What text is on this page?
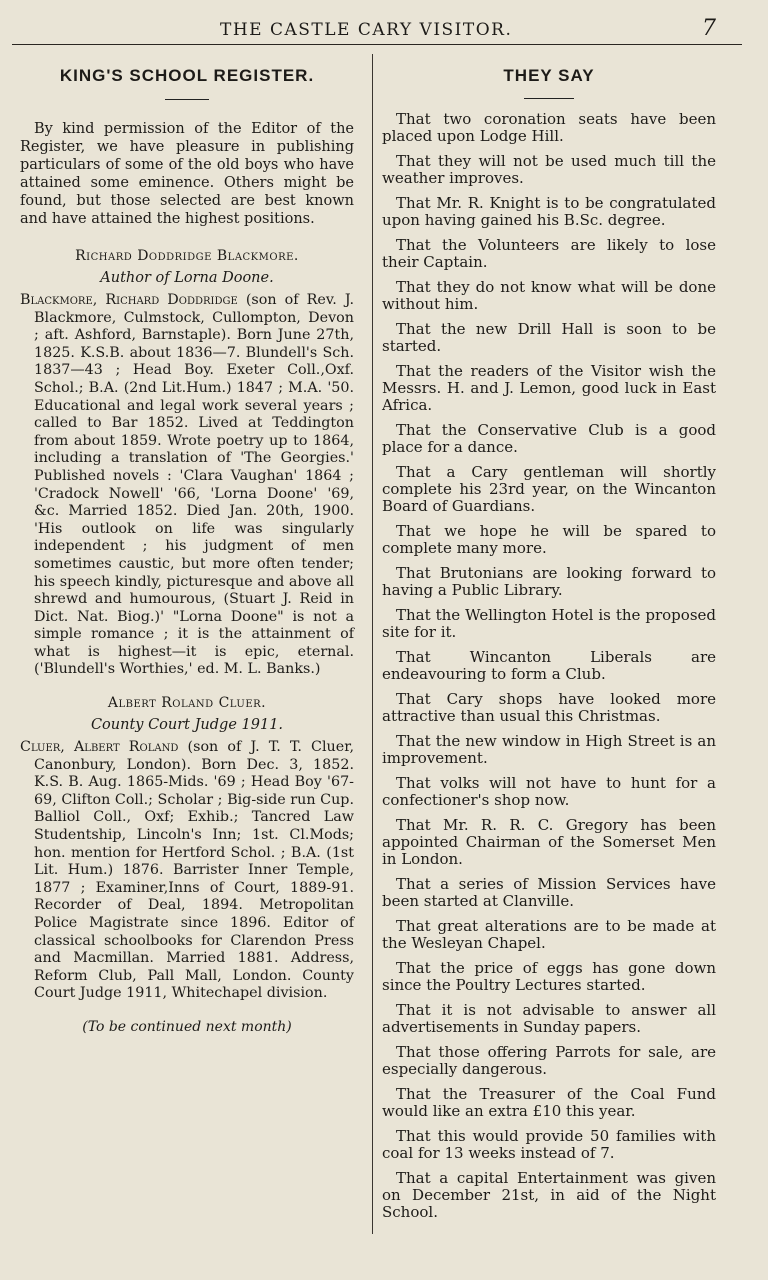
THE CASTLE CARY VISITOR.	7
KING'S SCHOOL REGISTER.

By kind permission of the Editor of the Register, we have pleasure in publishing particulars of some of the old boys who have attained some eminence. Others might be found, but those selected are best known and have attained the highest positions.

Richard Doddridge Blackmore.

Author of Lorna Doone.

Blackmore, Richard Doddridge (son of Rev. J. Blackmore, Culmstock, Cullompton, Devon ; aft. Ashford, Barnstaple). Born June 27th, 1825. K.S.B. about 1836—7. Blundell's Sch. 1837—43 ; Head Boy. Exeter Coll.,Oxf. Schol.; B.A. (2nd Lit.Hum.) 1847 ; M.A. '50. Educational and legal work several years ; called to Bar 1852. Lived at Teddington from about 1859. Wrote poetry up to 1864, including a translation of 'The Georgies.' Published novels : 'Clara Vaughan' 1864 ; 'Cradock Nowell' '66, 'Lorna Doone' '69, &c. Married 1852. Died Jan. 20th, 1900. 'His outlook on life was singularly independent ; his judgment of men sometimes caustic, but more often tender; his speech kindly, picturesque and above all shrewd and humourous, (Stuart J. Reid in Dict. Nat. Biog.)' "Lorna Doone" is not a simple romance ; it is the attainment of what is highest—it is epic, eternal. ('Blundell's Worthies,' ed. M. L. Banks.)

Albert Roland Cluer.

County Court Judge 1911.

Cluer, Albert Roland (son of J. T. T. Cluer, Canonbury, London). Born Dec. 3, 1852. K.S. B. Aug. 1865-Mids. '69 ; Head Boy '67-69, Clifton Coll.; Scholar ; Big-side run Cup. Balliol Coll., Oxf; Exhib.; Tancred Law Studentship, Lincoln's Inn; 1st. Cl.Mods; hon. mention for Hertford Schol. ; B.A. (1st Lit. Hum.) 1876. Barrister Inner Temple, 1877 ; Examiner,Inns of Court, 1889-91. Recorder of Deal, 1894. Metropolitan Police Magistrate since 1896. Editor of classical schoolbooks for Clarendon Press and Macmillan. Married 1881. Address, Reform Club, Pall Mall, London. County Court Judge 1911, Whitechapel division.

(To be continued next month)

THEY SAY

That two coronation seats have been placed upon Lodge Hill.

That they will not be used much till the weather improves.

That Mr. R. Knight is to be congratulated upon having gained his B.Sc. degree.

That the Volunteers are likely to lose their Captain.

That they do not know what will be done without him.

That the new Drill Hall is soon to be started.

That the readers of the Visitor wish the Messrs. H. and J. Lemon, good luck in East Africa.

That the Conservative Club is a good place for a dance.

That a Cary gentleman will shortly complete his 23rd year, on the Wincanton Board of Guardians.

That we hope he will be spared to complete many more.

That Brutonians are looking forward to having a Public Library.

That the Wellington Hotel is the proposed site for it.

That Wincanton Liberals are endeavouring to form a Club.

That Cary shops have looked more attractive than usual this Christmas.

That the new window in High Street is an improvement.

That volks will not have to hunt for a confectioner's shop now.

That Mr. R. R. C. Gregory has been appointed Chairman of the Somerset Men in London.

That a series of Mission Services have been started at Clanville.

That great alterations are to be made at the Wesleyan Chapel.

That the price of eggs has gone down since the Poultry Lectures started.

That it is not advisable to answer all advertisements in Sunday papers.

That those offering Parrots for sale, are especially dangerous.

That the Treasurer of the Coal Fund would like an extra £10 this year.

That this would provide 50 families with coal for 13 weeks instead of 7.

That a capital Entertainment was given on December 21st, in aid of the Night School.
